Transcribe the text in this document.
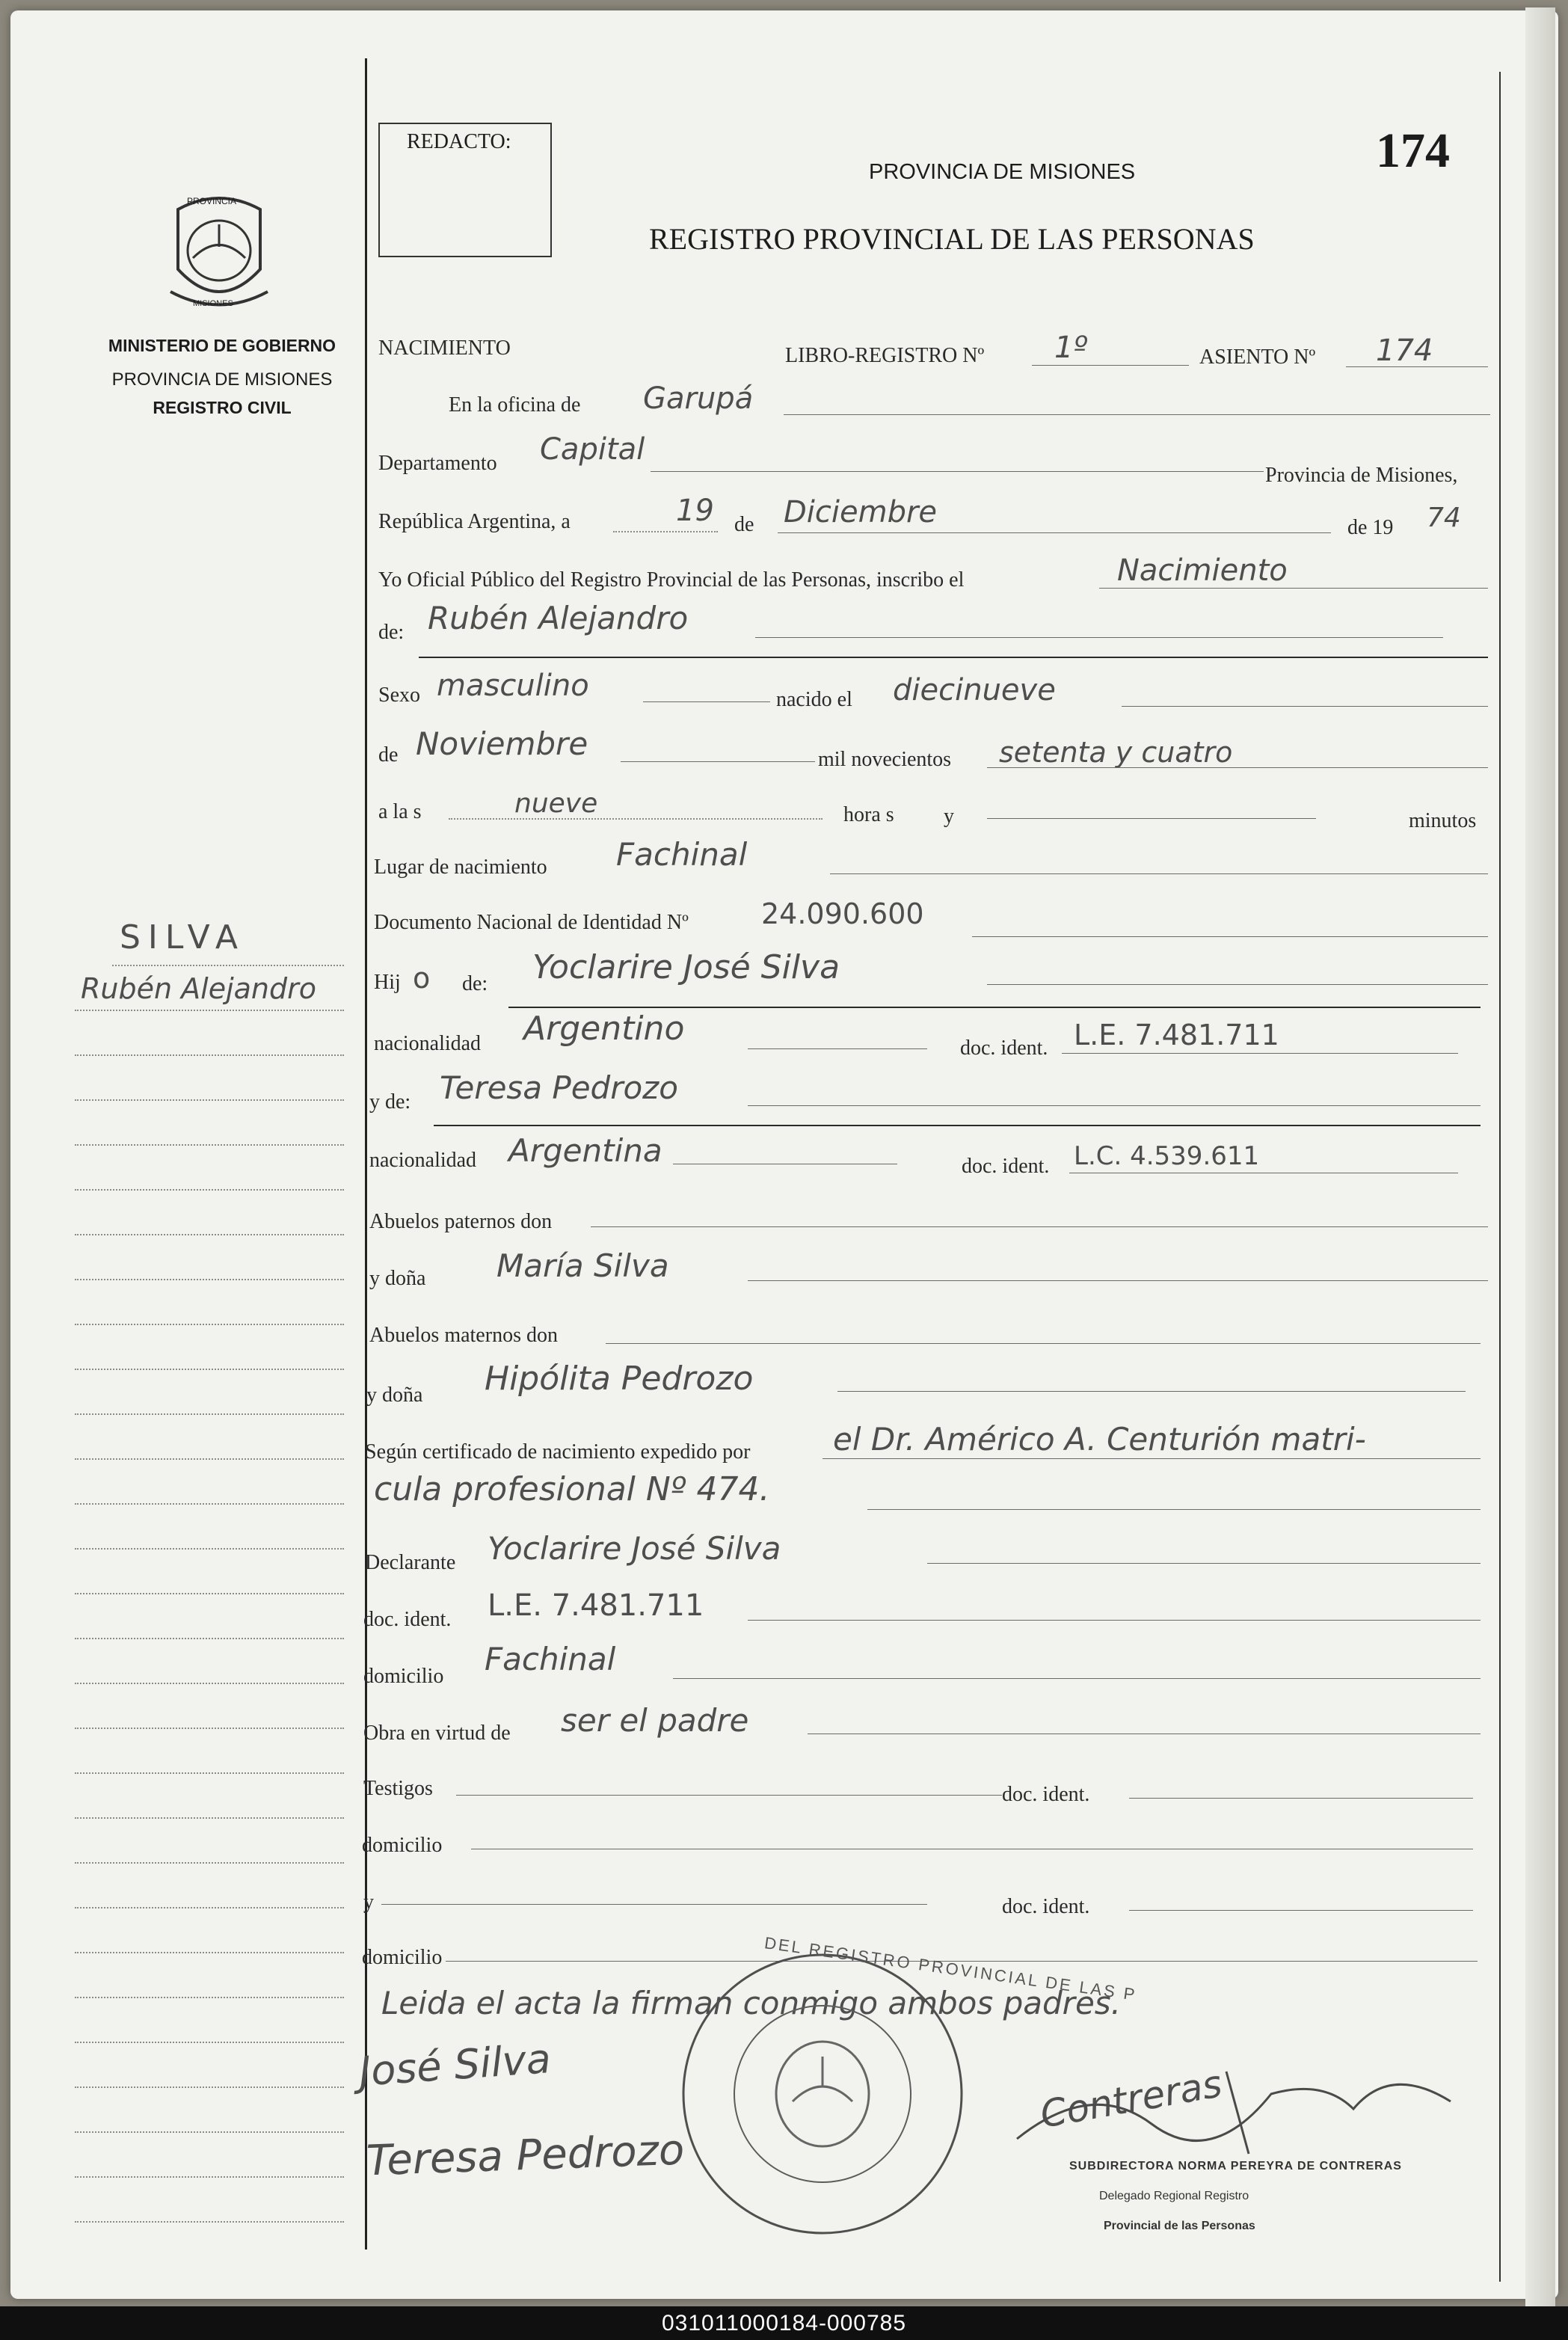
PROVINCIA
MISIONES
MINISTERIO DE GOBIERNO
PROVINCIA DE MISIONES
REGISTRO CIVIL
SILVA
Rubén Alejandro
REDACTO:
PROVINCIA DE MISIONES
REGISTRO PROVINCIAL DE LAS PERSONAS
174
NACIMIENTO	LIBRO-REGISTRO Nº 1º	ASIENTO Nº 174
En la oficina de Garupá
Departamento Capital
Provincia de Misiones,
República Argentina, a	19 de Diciembre	de 19 74
Yo Oficial Público del Registro Provincial de las Personas, inscribo el	Nacimiento
de: Rubén Alejandro
Sexo masculino	nacido el diecinueve
de Noviembre	mil novecientos setenta y cuatro
a la s	nueve	hora s y	minutos
Lugar de nacimiento Fachinal
Documento Nacional de Identidad Nº	24.090.600
Hij o de: Yoclarire José Silva
nacionalidad Argentino
doc. ident. L.E. 7.481.711
y de: Teresa Pedrozo
nacionalidad Argentina	doc. ident. L.C. 4.539.611
Abuelos paternos don
y doña María Silva
Abuelos maternos don
y doña Hipólita Pedrozo
Según certificado de nacimiento expedido por	el Dr. Américo A. Centurión matri-
cula profesional Nº 474.
Declarante Yoclarire José Silva
doc. ident. L.E. 7.481.711
domicilio Fachinal
Obra en virtud de ser el padre
Testigos	doc. ident.
domicilio
y	doc. ident.
domicilio
Leida el acta la firman conmigo ambos padres.
DEL REGISTRO PROVINCIAL DE LAS P
José Silva
Teresa Pedrozo
Contreras
SUBDIRECTORA NORMA PEREYRA DE CONTRERAS
Delegado Regional Registro
Provincial de las Personas
031011000184-000785
